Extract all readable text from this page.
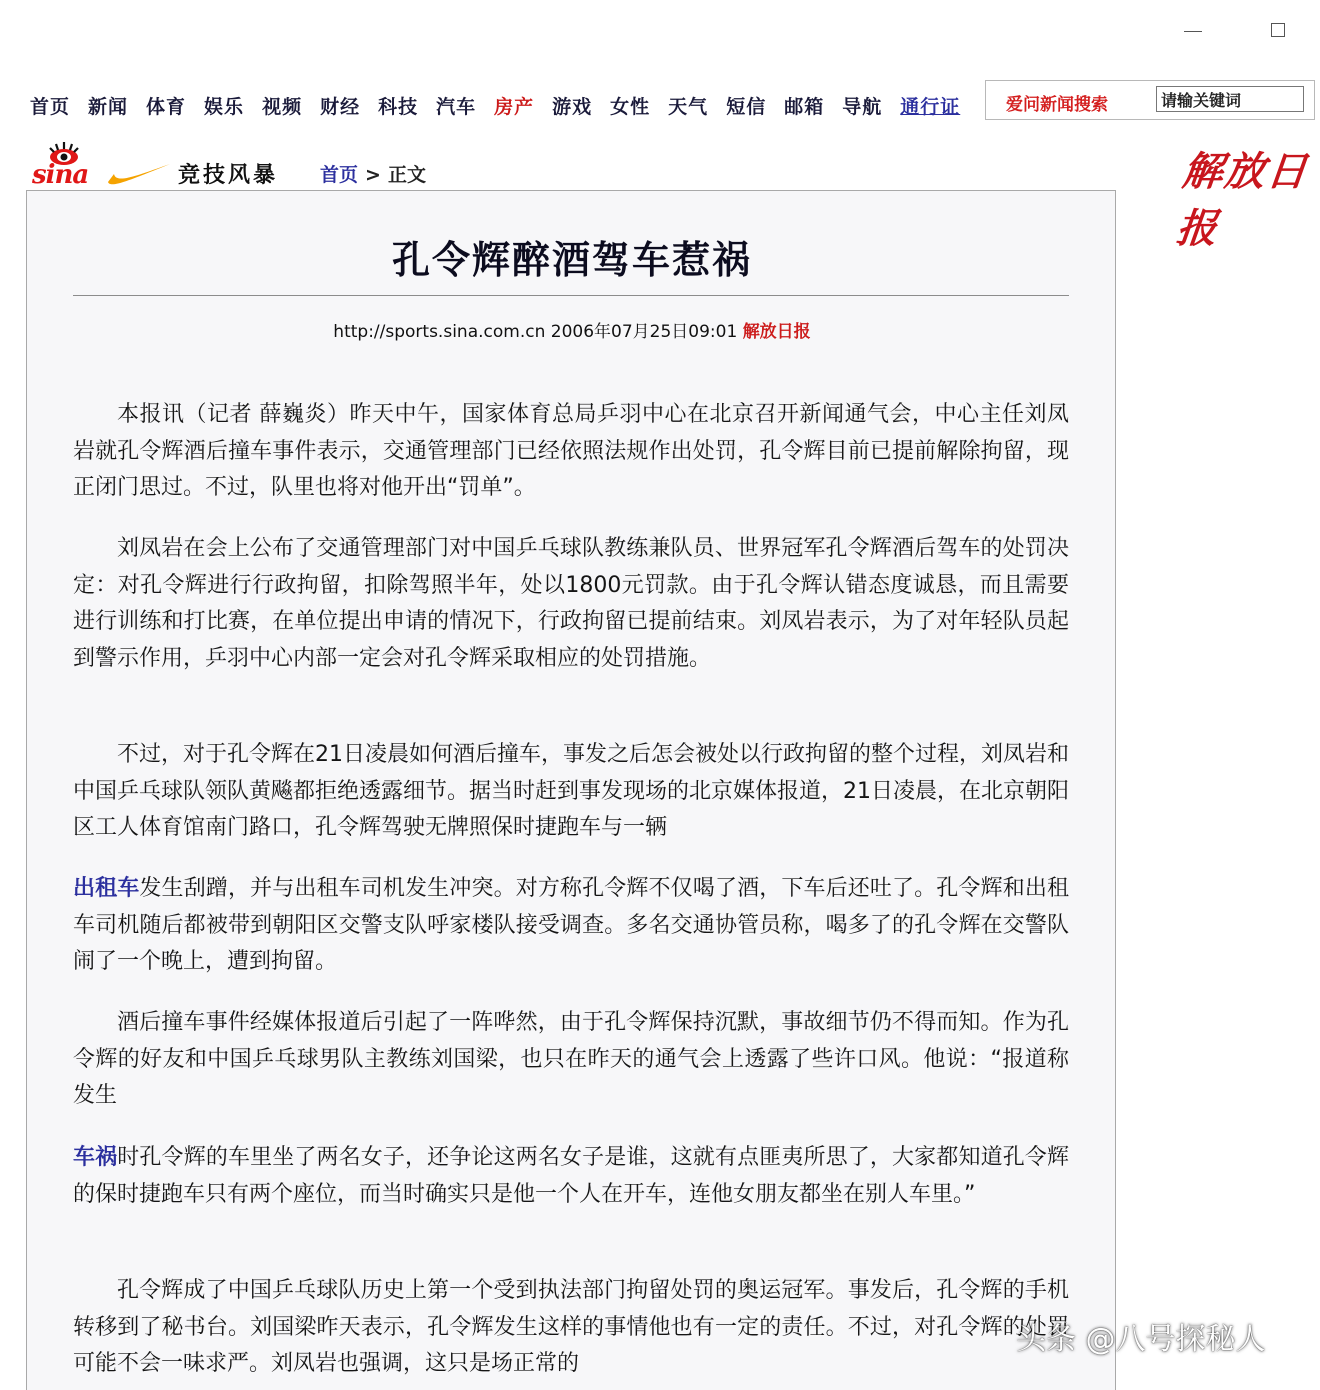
首页 新闻 体育 娱乐 视频 财经 科技 汽车 房产 游戏 女性 天气 短信 邮箱 导航 通行证	爱问新闻搜索
请输关键词
sina	竞技风暴 首页 > 正文	解放日报
孔令辉醉酒驾车惹祸
http://sports.sina.com.cn 2006年07月25日09:01 解放日报

本报讯（记者 薛巍炎）昨天中午，国家体育总局乒羽中心在北京召开新闻通气会，中心主任刘凤岩就孔令辉酒后撞车事件表示，交通管理部门已经依照法规作出处罚，孔令辉目前已提前解除拘留，现正闭门思过。不过，队里也将对他开出“罚单”。

刘凤岩在会上公布了交通管理部门对中国乒乓球队教练兼队员、世界冠军孔令辉酒后驾车的处罚决定：对孔令辉进行行政拘留，扣除驾照半年，处以1800元罚款。由于孔令辉认错态度诚恳，而且需要进行训练和打比赛，在单位提出申请的情况下，行政拘留已提前结束。刘凤岩表示，为了对年轻队员起到警示作用，乒羽中心内部一定会对孔令辉采取相应的处罚措施。

不过，对于孔令辉在21日凌晨如何酒后撞车，事发之后怎会被处以行政拘留的整个过程，刘凤岩和中国乒乓球队领队黄飚都拒绝透露细节。据当时赶到事发现场的北京媒体报道，21日凌晨，在北京朝阳区工人体育馆南门路口，孔令辉驾驶无牌照保时捷跑车与一辆

出租车发生刮蹭，并与出租车司机发生冲突。对方称孔令辉不仅喝了酒，下车后还吐了。孔令辉和出租车司机随后都被带到朝阳区交警支队呼家楼队接受调查。多名交通协管员称，喝多了的孔令辉在交警队闹了一个晚上，遭到拘留。

酒后撞车事件经媒体报道后引起了一阵哗然，由于孔令辉保持沉默，事故细节仍不得而知。作为孔令辉的好友和中国乒乓球男队主教练刘国梁，也只在昨天的通气会上透露了些许口风。他说：“报道称发生

车祸时孔令辉的车里坐了两名女子，还争论这两名女子是谁，这就有点匪夷所思了，大家都知道孔令辉的保时捷跑车只有两个座位，而当时确实只是他一个人在开车，连他女朋友都坐在别人车里。”

孔令辉成了中国乒乓球队历史上第一个受到执法部门拘留处罚的奥运冠军。事发后，孔令辉的手机转移到了秘书台。刘国梁昨天表示，孔令辉发生这样的事情他也有一定的责任。不过，对孔令辉的处罚可能不会一味求严。刘凤岩也强调，这只是场正常的

头条 @八号探秘人
